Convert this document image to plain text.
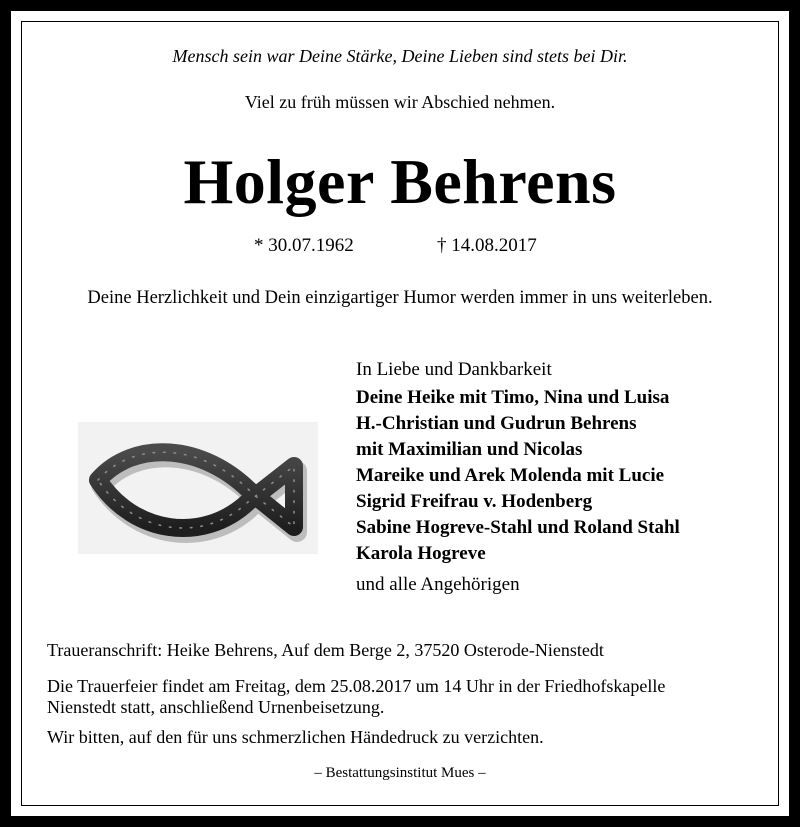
Mensch sein war Deine Stärke, Deine Lieben sind stets bei Dir.
Viel zu früh müssen wir Abschied nehmen.
Holger Behrens
* 30.07.1962	† 14.08.2017
Deine Herzlichkeit und Dein einzigartiger Humor werden immer in uns weiterleben.
In Liebe und Dankbarkeit
Deine Heike mit Timo, Nina und Luisa
H.-Christian und Gudrun Behrens
mit Maximilian und Nicolas
Mareike und Arek Molenda mit Lucie
Sigrid Freifrau v. Hodenberg
Sabine Hogreve-Stahl und Roland Stahl
Karola Hogreve
und alle Angehörigen
Traueranschrift: Heike Behrens, Auf dem Berge 2, 37520 Osterode-Nienstedt
Die Trauerfeier findet am Freitag, dem 25.08.2017 um 14 Uhr in der Friedhofskapelle
Nienstedt statt, anschließend Urnenbeisetzung.
Wir bitten, auf den für uns schmerzlichen Händedruck zu verzichten.
– Bestattungsinstitut Mues –
